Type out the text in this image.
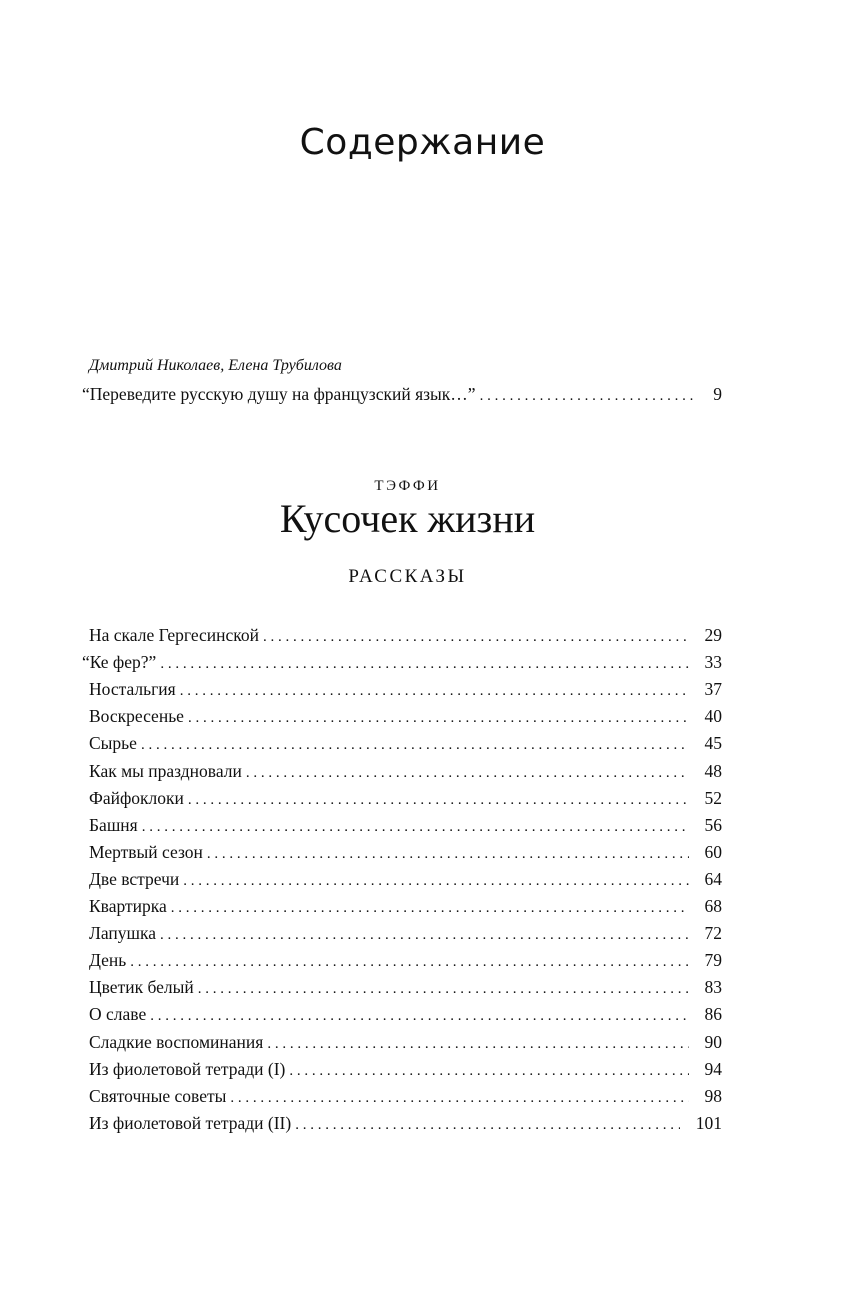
Содержание
Дмитрий Николаев, Елена Трубилова
“Переведите русскую душу на французский язык…” . . .	9
ТЭФФИ
Кусочек жизни
РАССКАЗЫ
На скале Гергесинской . . .	29
“Ке фер?” . . .	33
Ностальгия . . .	37
Воскресенье . . .	40
Сырье . . .	45
Как мы праздновали . . .	48
Файфоклоки . . .	52
Башня . . .	56
Мертвый сезон . . .	60
Две встречи . . .	64
Квартирка . . .	68
Лапушка . . .	72
День . . .	79
Цветик белый . . .	83
О славе . . .	86
Сладкие воспоминания . . .	90
Из фиолетовой тетради (I) . . .	94
Святочные советы . . .	98
Из фиолетовой тетради (II) . . .	101
